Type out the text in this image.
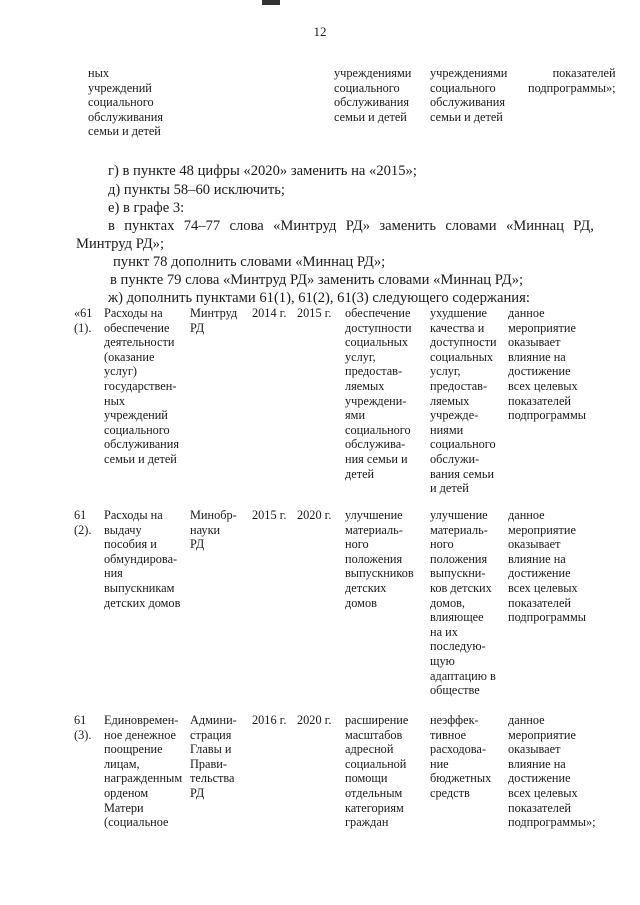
12
ных
учреждений
социального
обслуживания
семьи и детей
учреждениями
социального
обслуживания
семьи и детей
учреждениями
социального
обслуживания
семьи и детей
показателей
подпрограммы»;
г) в пункте 48 цифры «2020» заменить на «2015»;
д) пункты 58–60 исключить;
е) в графе 3:
в пунктах 74–77 слова «Минтруд РД» заменить словами «Миннац РД,
Минтруд РД»;
пункт 78 дополнить словами «Миннац РД»;
в пункте 79 слова «Минтруд РД» заменить словами «Миннац РД»;
ж) дополнить пунктами 61(1), 61(2), 61(3) следующего содержания:
«61
(1).
Расходы на
обеспечение
деятельности
(оказание
услуг)
государствен-
ных
учреждений
социального
обслуживания
семьи и детей
Минтруд
РД
2014 г. 2015 г. обеспечение
доступности
социальных
услуг,
предостав-
ляемых
учреждени-
ями
социального
обслужива-
ния семьи и
детей
ухудшение
качества и
доступности
социальных
услуг,
предостав-
ляемых
учрежде-
ниями
социального
обслужи-
вания семьи
и детей
данное
мероприятие
оказывает
влияние на
достижение
всех целевых
показателей
подпрограммы
61
(2).
Расходы на
выдачу
пособия и
обмундирова-
ния
выпускникам
детских домов
Минобр-
науки
РД
2015 г. 2020 г. улучшение
материаль-
ного
положения
выпускников
детских
домов
улучшение
материаль-
ного
положения
выпускни-
ков детских
домов,
влияющее
на их
последую-
щую
адаптацию в
обществе
данное
мероприятие
оказывает
влияние на
достижение
всех целевых
показателей
подпрограммы
61
(3).
Единовремен-
ное денежное
поощрение
лицам,
награжденным
орденом
Матери
(социальное
Админи-
страция
Главы и
Прави-
тельства
РД
2016 г. 2020 г. расширение
масштабов
адресной
социальной
помощи
отдельным
категориям
граждан
неэффек-
тивное
расходова-
ние
бюджетных
средств
данное
мероприятие
оказывает
влияние на
достижение
всех целевых
показателей
подпрограммы»;
